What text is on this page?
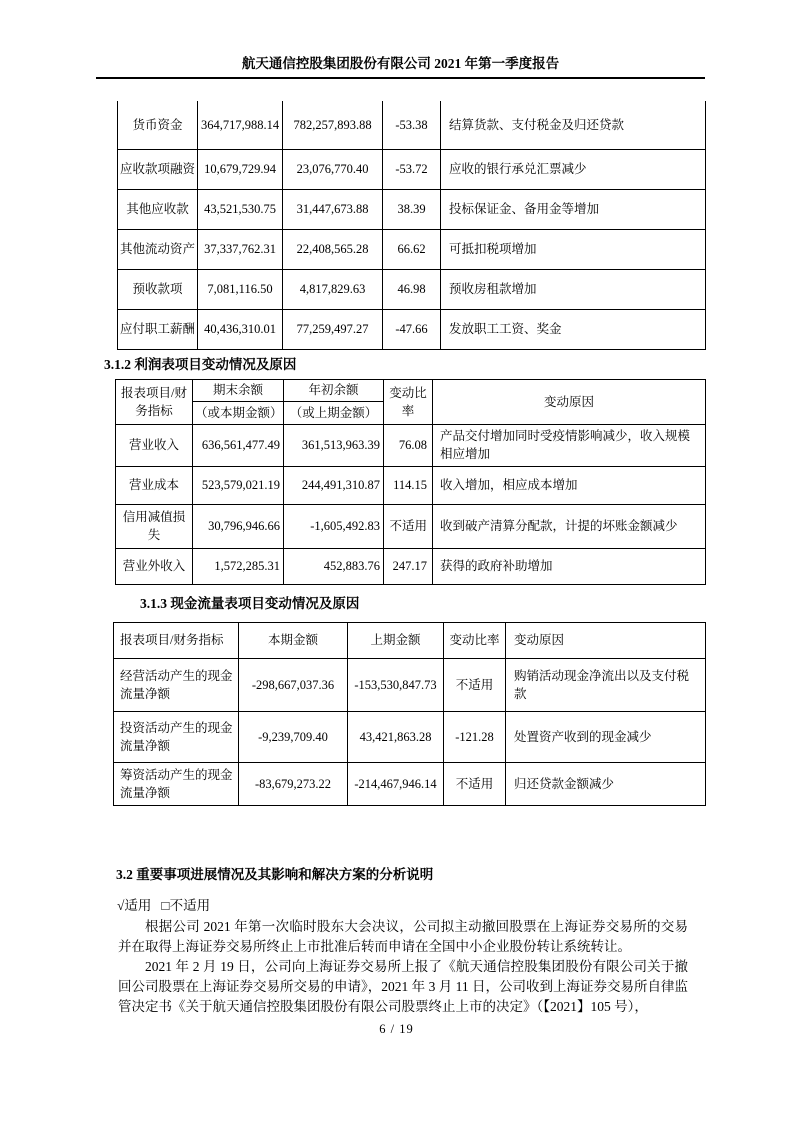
航天通信控股集团股份有限公司 2021 年第一季度报告
货币资金	364,717,988.14	782,257,893.88	-53.38	结算货款、支付税金及归还贷款
应收款项融资	10,679,729.94	23,076,770.40	-53.72	应收的银行承兑汇票减少
其他应收款	43,521,530.75	31,447,673.88	38.39	投标保证金、备用金等增加
其他流动资产	37,337,762.31	22,408,565.28	66.62	可抵扣税项增加
预收款项	7,081,116.50	4,817,829.63	46.98	预收房租款增加
应付职工薪酬	40,436,310.01	77,259,497.27	-47.66	发放职工工资、奖金
3.1.2 利润表项目变动情况及原因
报表项目/财务指标	期末余额	年初余额	变动比率	变动原因
	（或本期金额）	（或上期金额）		
营业收入	636,561,477.49	361,513,963.39	76.08	产品交付增加同时受疫情影响减少，收入规模相应增加
营业成本	523,579,021.19	244,491,310.87	114.15	收入增加，相应成本增加
信用减值损失	30,796,946.66	-1,605,492.83	不适用	收到破产清算分配款，计提的坏账金额减少
营业外收入	1,572,285.31	452,883.76	247.17	获得的政府补助增加
3.1.3 现金流量表项目变动情况及原因
报表项目/财务指标	本期金额	上期金额	变动比率	变动原因
经营活动产生的现金流量净额	-298,667,037.36	-153,530,847.73	不适用	购销活动现金净流出以及支付税款
投资活动产生的现金流量净额	-9,239,709.40	43,421,863.28	-121.28	处置资产收到的现金减少
筹资活动产生的现金流量净额	-83,679,273.22	-214,467,946.14	不适用	归还贷款金额减少
3.2 重要事项进展情况及其影响和解决方案的分析说明
√适用 □不适用

根据公司 2021 年第一次临时股东大会决议，公司拟主动撤回股票在上海证券交易所的交易并在取得上海证券交易所终止上市批准后转而申请在全国中小企业股份转让系统转让。

2021 年 2 月 19 日，公司向上海证券交易所上报了《航天通信控股集团股份有限公司关于撤回公司股票在上海证券交易所交易的申请》，2021 年 3 月 11 日，公司收到上海证券交易所自律监管决定书《关于航天通信控股集团股份有限公司股票终止上市的决定》（【2021】105 号），

6 / 19
